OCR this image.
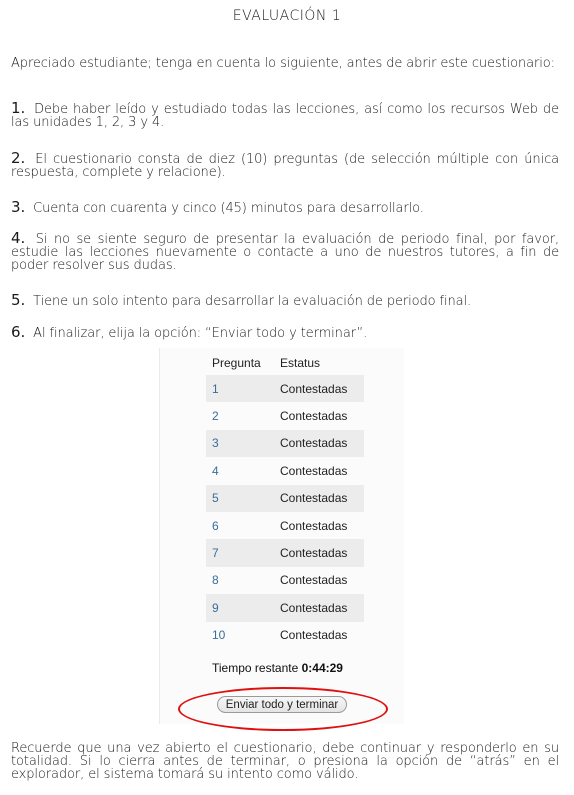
EVALUACIÓN 1
Apreciado estudiante; tenga en cuenta lo siguiente, antes de abrir este cuestionario:
1. Debe haber leído y estudiado todas las lecciones, así como los recursos Web de las unidades 1, 2, 3 y 4.
2. El cuestionario consta de diez (10) preguntas (de selección múltiple con única respuesta, complete y relacione).
3. Cuenta con cuarenta y cinco (45) minutos para desarrollarlo.
4. Si no se siente seguro de presentar la evaluación de periodo final, por favor, estudie las lecciones nuevamente o contacte a uno de nuestros tutores, a fin de poder resolver sus dudas.
5. Tiene un solo intento para desarrollar la evaluación de periodo final.
6. Al finalizar, elija la opción: “Enviar todo y terminar”.
Pregunta	Estatus
1	Contestadas
2	Contestadas
3	Contestadas
4	Contestadas
5	Contestadas
6	Contestadas
7	Contestadas
8	Contestadas
9	Contestadas
10	Contestadas
Tiempo restante 0:44:29
Enviar todo y terminar
Recuerde que una vez abierto el cuestionario, debe continuar y responderlo en su totalidad. Si lo cierra antes de terminar, o presiona la opción de “atrás” en el explorador, el sistema tomará su intento como válido.
